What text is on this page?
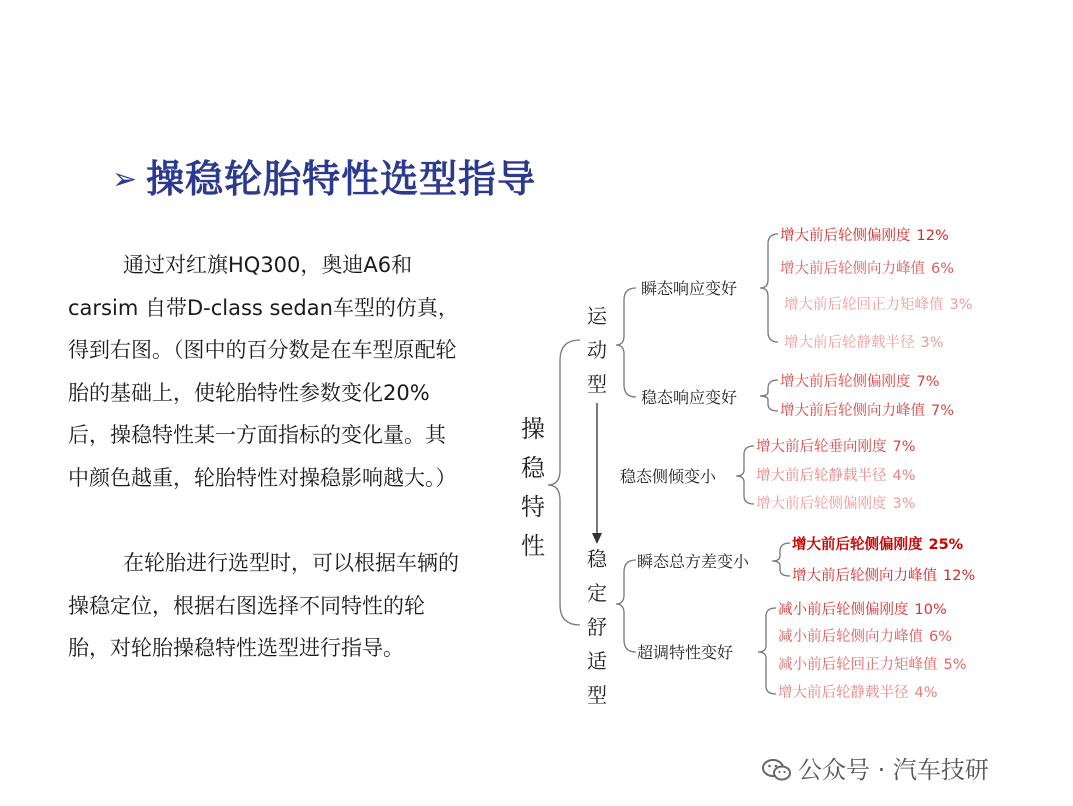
➢ 操稳轮胎特性选型指导
通过对红旗HQ300，奥迪A6和carsim 自带D-class sedan车型的仿真，得到右图。（图中的百分数是在车型原配轮胎的基础上，使轮胎特性参数变化20%后，操稳特性某一方面指标的变化量。其中颜色越重，轮胎特性对操稳影响越大。）
在轮胎进行选型时，可以根据车辆的操稳定位，根据右图选择不同特性的轮胎，对轮胎操稳特性选型进行指导。
操
稳
特
性
运
动
型
稳
定
舒
适
型
瞬态响应变好
稳态响应变好
稳态侧倾变小
瞬态总方差变小
超调特性变好
增大前后轮侧偏刚度 12%
增大前后轮侧向力峰值 6%
增大前后轮回正力矩峰值 3%
增大前后轮静载半径 3%
增大前后轮侧偏刚度 7%
增大前后轮侧向力峰值 7%
增大前后轮垂向刚度 7%
增大前后轮静载半径 4%
增大前后轮侧偏刚度 3%
增大前后轮侧偏刚度 25%
增大前后轮侧向力峰值 12%
减小前后轮侧偏刚度 10%
减小前后轮侧向力峰值 6%
减小前后轮回正力矩峰值 5%
增大前后轮静载半径 4%
公众号 · 汽车技研
